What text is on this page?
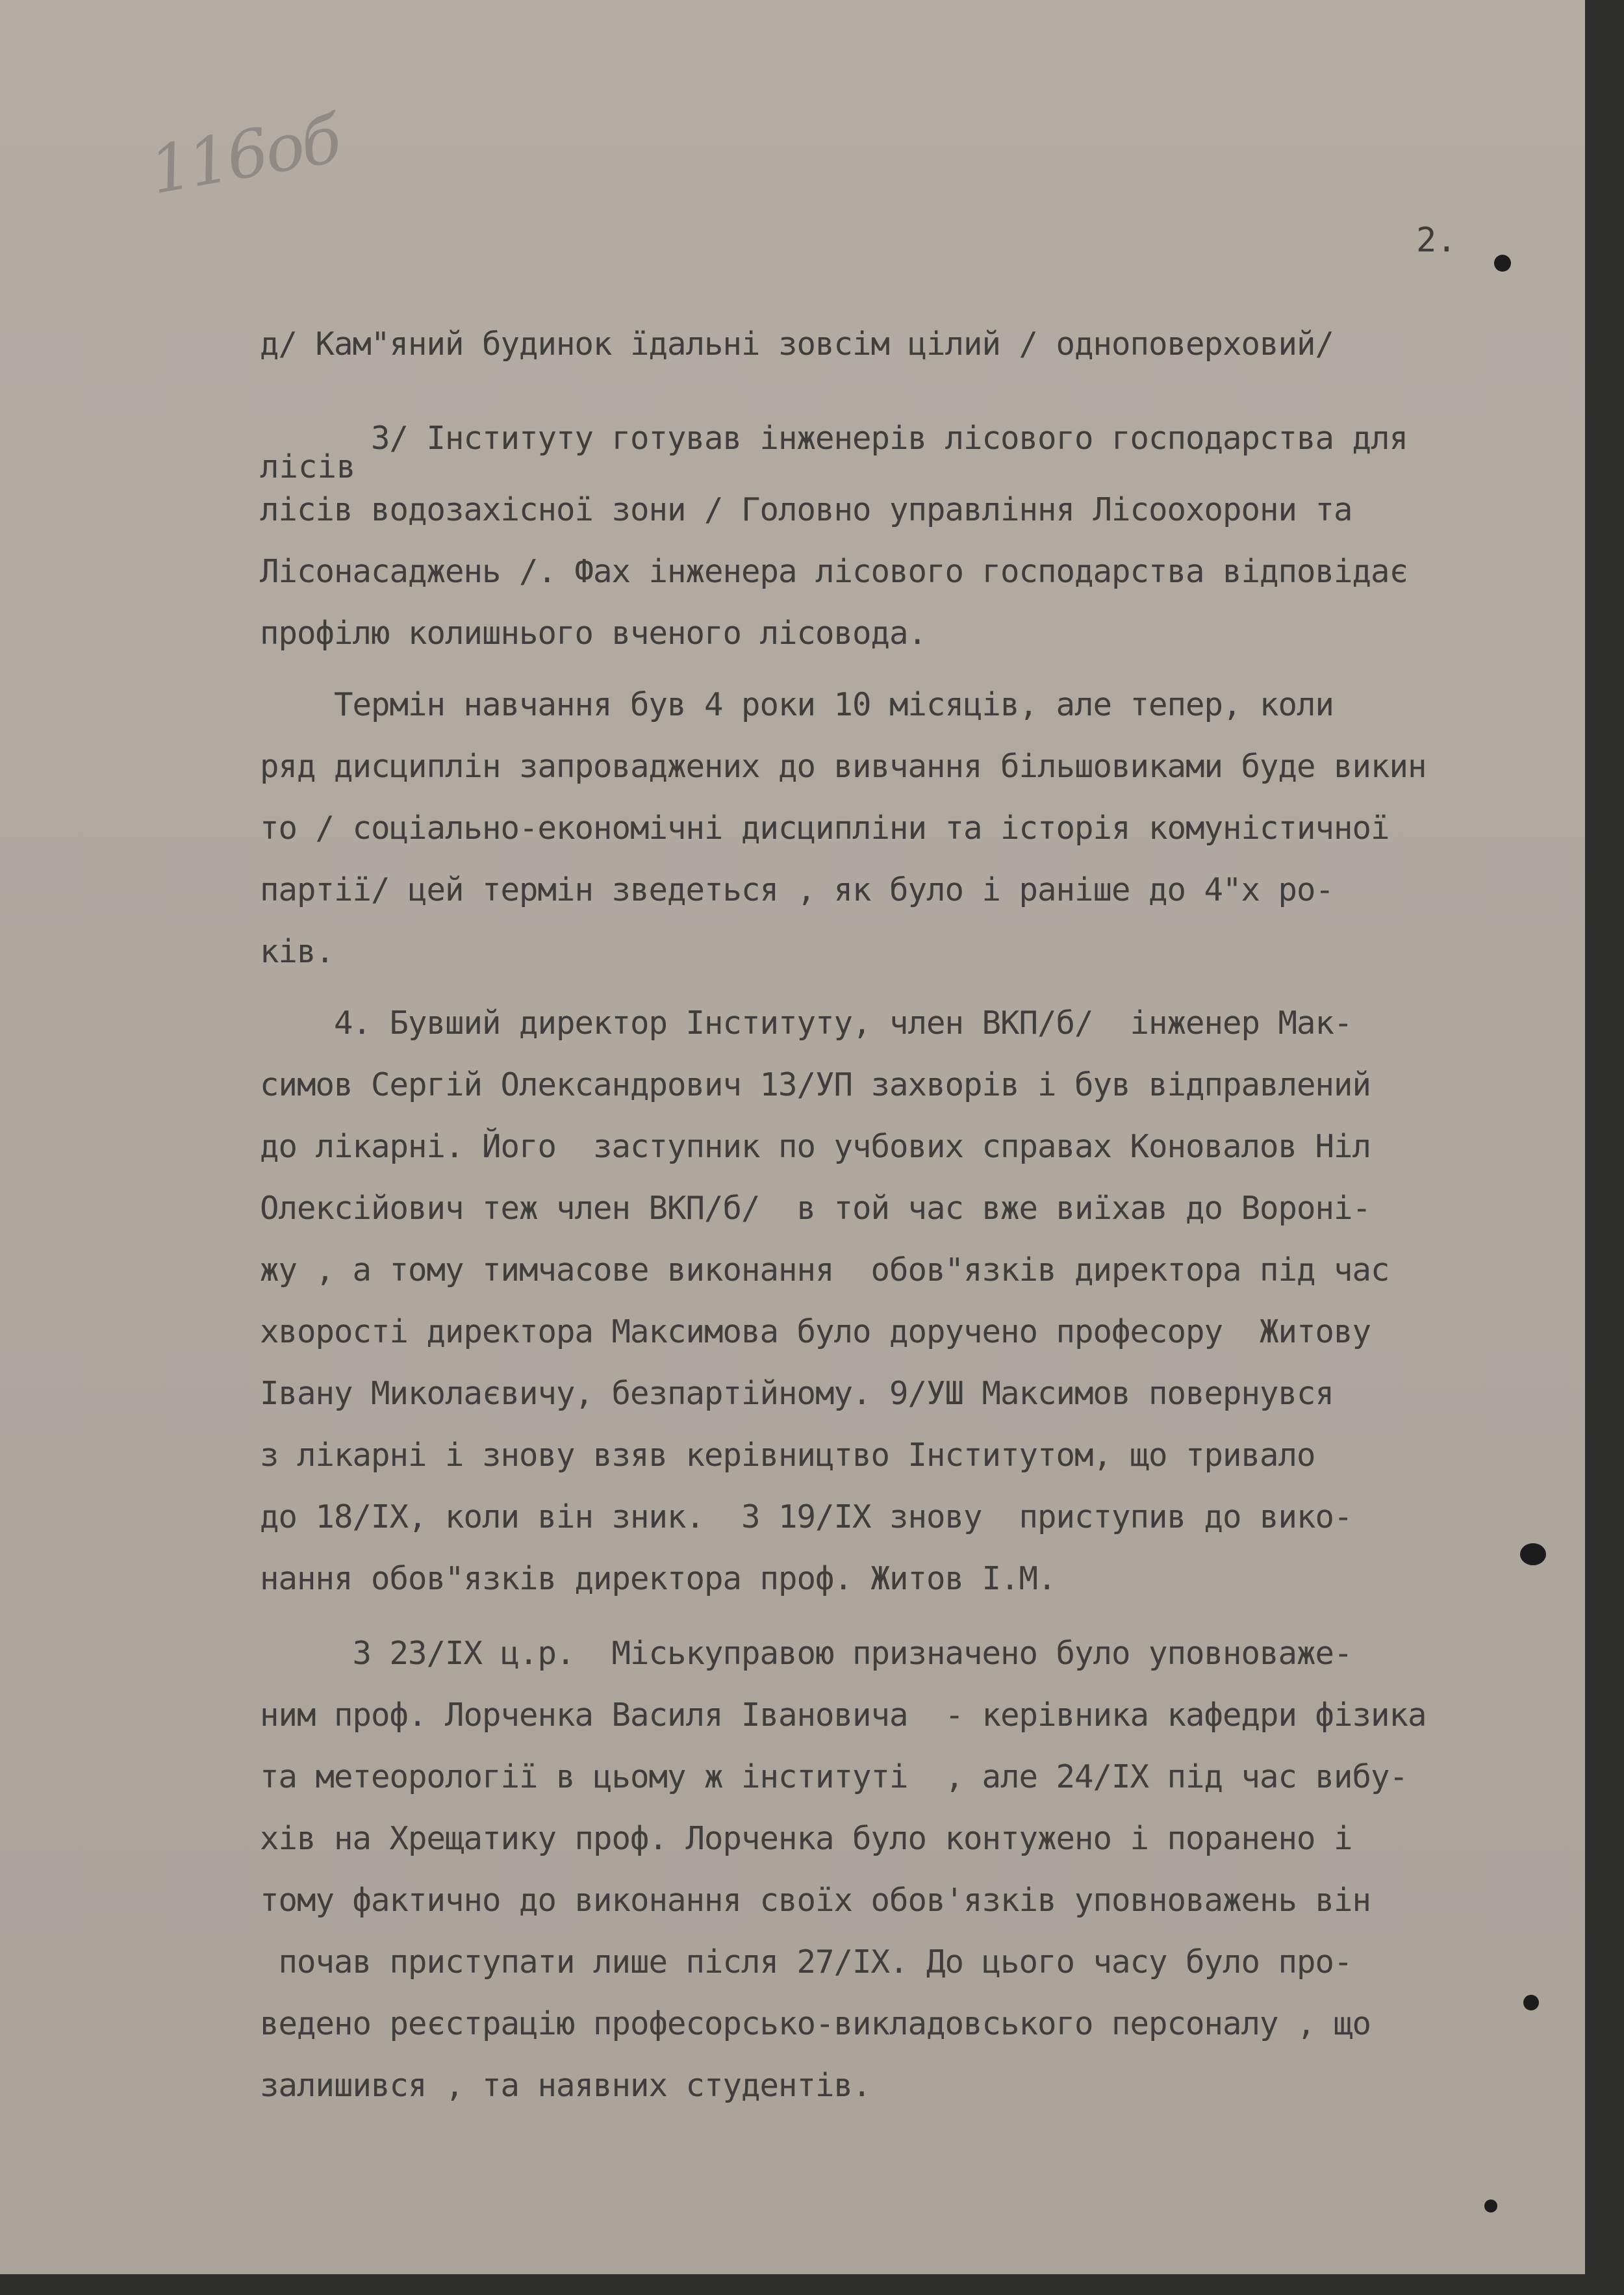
116об
2.
д/ Кам"яний будинок їдальні зовсім цілий / одноповерховий/
3/ Інституту готував інженерів лісового господарства для
лісів
лісів водозахісної зони / Головно управління Лісоохорони та
Лісонасаджень /. Фах інженера лісового господарства відповідає
профілю колишнього вченого лісовода.
Термін навчання був 4 роки 10 місяців, але тепер, коли
ряд дисциплін запроваджених до вивчання більшовиками буде викин
то / соціально-економічні дисципліни та історія комуністичної
партії/ цей термін зведеться , як було і раніше до 4"х ро-
ків.
4. Бувший директор Інституту, член ВКП/б/  інженер Мак-
симов Сергій Олександрович 13/УП захворів і був відправлений
до лікарні. Його  заступник по учбових справах Коновалов Ніл
Олексійович теж член ВКП/б/  в той час вже виїхав до Вороні-
жу , а тому тимчасове виконання  обов"язків директора під час
хворості директора Максимова було доручено професору  Житову
Івану Миколаєвичу, безпартійному. 9/УШ Максимов повернувся
з лікарні і знову взяв керівництво Інститутом, що тривало
до 18/ІХ, коли він зник.  З 19/ІХ знову  приступив до вико-
нання обов"язків директора проф. Житов І.М.
З 23/ІХ ц.р.  Міськуправою призначено було уповноваже-
ним проф. Лорченка Василя Івановича  - керівника кафедри фізика
та метеорології в цьому ж інституті  , але 24/ІХ під час вибу-
хів на Хрещатику проф. Лорченка було контужено і поранено і
тому фактично до виконання своїх обов'язків уповноважень він
почав приступати лише після 27/ІХ. До цього часу було про-
ведено реєстрацію професорсько-викладовського персоналу , що
залишився , та наявних студентів.
